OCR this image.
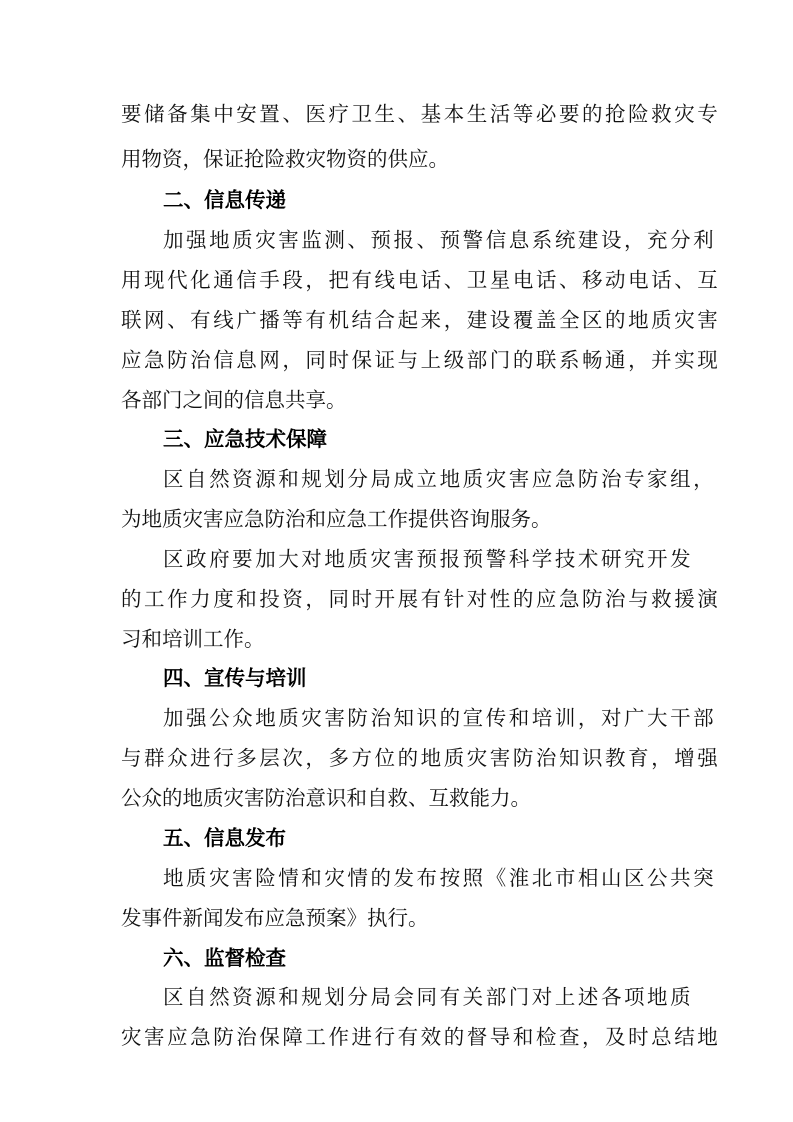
要储备集中安置、医疗卫生、基本生活等必要的抢险救灾专

用物资，保证抢险救灾物资的供应。

二、信息传递

加强地质灾害监测、预报、预警信息系统建设，充分利

用现代化通信手段，把有线电话、卫星电话、移动电话、互

联网、有线广播等有机结合起来，建设覆盖全区的地质灾害

应急防治信息网，同时保证与上级部门的联系畅通，并实现

各部门之间的信息共享。

三、应急技术保障

区自然资源和规划分局成立地质灾害应急防治专家组，

为地质灾害应急防治和应急工作提供咨询服务。

区政府要加大对地质灾害预报预警科学技术研究开发

的工作力度和投资，同时开展有针对性的应急防治与救援演

习和培训工作。

四、宣传与培训

加强公众地质灾害防治知识的宣传和培训，对广大干部

与群众进行多层次，多方位的地质灾害防治知识教育，增强

公众的地质灾害防治意识和自救、互救能力。

五、信息发布

地质灾害险情和灾情的发布按照《淮北市相山区公共突

发事件新闻发布应急预案》执行。

六、监督检查

区自然资源和规划分局会同有关部门对上述各项地质

灾害应急防治保障工作进行有效的督导和检查，及时总结地
